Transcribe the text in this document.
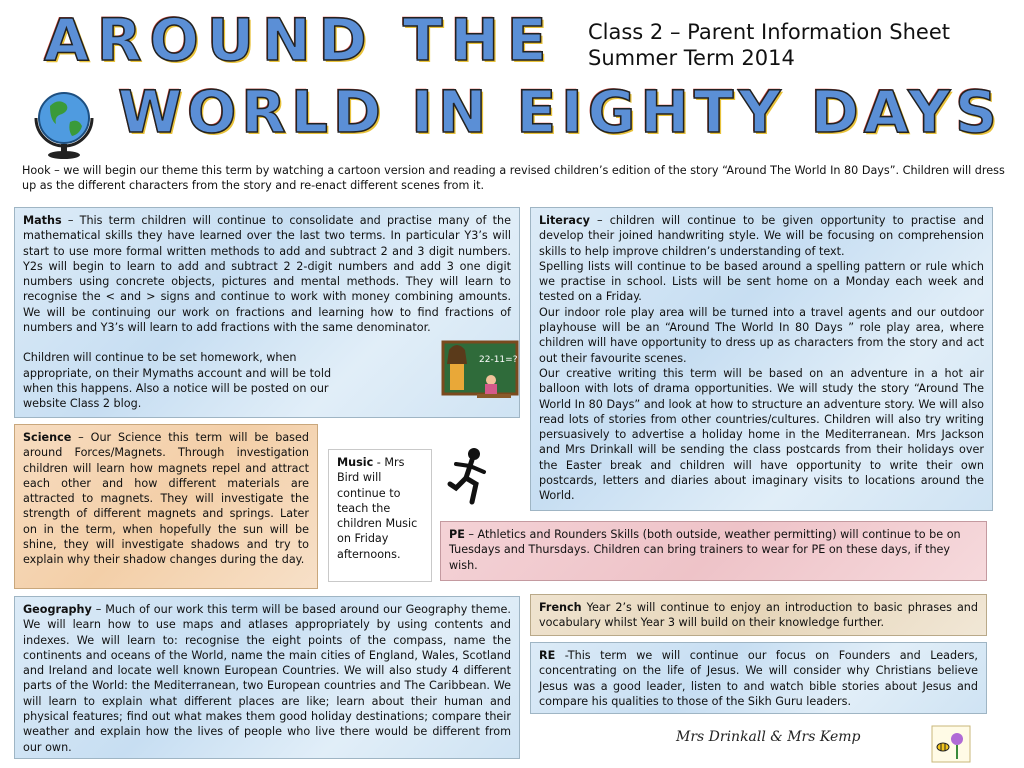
AROUND THE
WORLD IN EIGHTY DAYS
Class 2 – Parent Information Sheet
Summer Term 2014
Hook – we will begin our theme this term by watching a cartoon version and reading a revised children’s edition of the story “Around The World In 80 Days”. Children will dress up as the different characters from the story and re-enact different scenes from it.

Maths – This term children will continue to consolidate and practise many of the mathematical skills they have learned over the last two terms. In particular Y3’s will start to use more formal written methods to add and subtract 2 and 3 digit numbers. Y2s will begin to learn to add and subtract 2 2-digit numbers and add 3 one digit numbers using concrete objects, pictures and mental methods. They will learn to recognise the < and > signs and continue to work with money combining amounts. We will be continuing our work on fractions and learning how to find fractions of numbers and Y3’s will learn to add fractions with the same denominator.

Children will continue to be set homework, when appropriate, on their Mymaths account and will be told when this happens. Also a notice will be posted on our website Class 2 blog.

22-11=?

Literacy – children will continue to be given opportunity to practise and develop their joined handwriting style. We will be focusing on comprehension skills to help improve children’s understanding of text.

Spelling lists will continue to be based around a spelling pattern or rule which we practise in school. Lists will be sent home on a Monday each week and tested on a Friday.

Our indoor role play area will be turned into a travel agents and our outdoor playhouse will be an “Around The World In 80 Days ” role play area, where children will have opportunity to dress up as characters from the story and act out their favourite scenes.

Our creative writing this term will be based on an adventure in a hot air balloon with lots of drama opportunities. We will study the story “Around The World In 80 Days” and look at how to structure an adventure story. We will also read lots of stories from other countries/cultures. Children will also try writing persuasively to advertise a holiday home in the Mediterranean. Mrs Jackson and Mrs Drinkall will be sending the class postcards from their holidays over the Easter break and children will have opportunity to write their own postcards, letters and diaries about imaginary visits to locations around the World.

Science – Our Science this term will be based around Forces/Magnets. Through investigation children will learn how magnets repel and attract each other and how different materials are attracted to magnets. They will investigate the strength of different magnets and springs. Later on in the term, when hopefully the sun will be shine, they will investigate shadows and try to explain why their shadow changes during the day.

Music - Mrs Bird will continue to teach the children Music on Friday afternoons.

PE – Athletics and Rounders Skills (both outside, weather permitting) will continue to be on Tuesdays and Thursdays. Children can bring trainers to wear for PE on these days, if they wish.

Geography – Much of our work this term will be based around our Geography theme. We will learn how to use maps and atlases appropriately by using contents and indexes. We will learn to: recognise the eight points of the compass, name the continents and oceans of the World, name the main cities of England, Wales, Scotland and Ireland and locate well known European Countries. We will also study 4 different parts of the World: the Mediterranean, two European countries and The Caribbean. We will learn to explain what different places are like; learn about their human and physical features; find out what makes them good holiday destinations; compare their weather and explain how the lives of people who live there would be different from our own.

French Year 2’s will continue to enjoy an introduction to basic phrases and vocabulary whilst Year 3 will build on their knowledge further.

RE -This term we will continue our focus on Founders and Leaders, concentrating on the life of Jesus. We will consider why Christians believe Jesus was a good leader, listen to and watch bible stories about Jesus and compare his qualities to those of the Sikh Guru leaders.

Mrs Drinkall & Mrs Kemp
